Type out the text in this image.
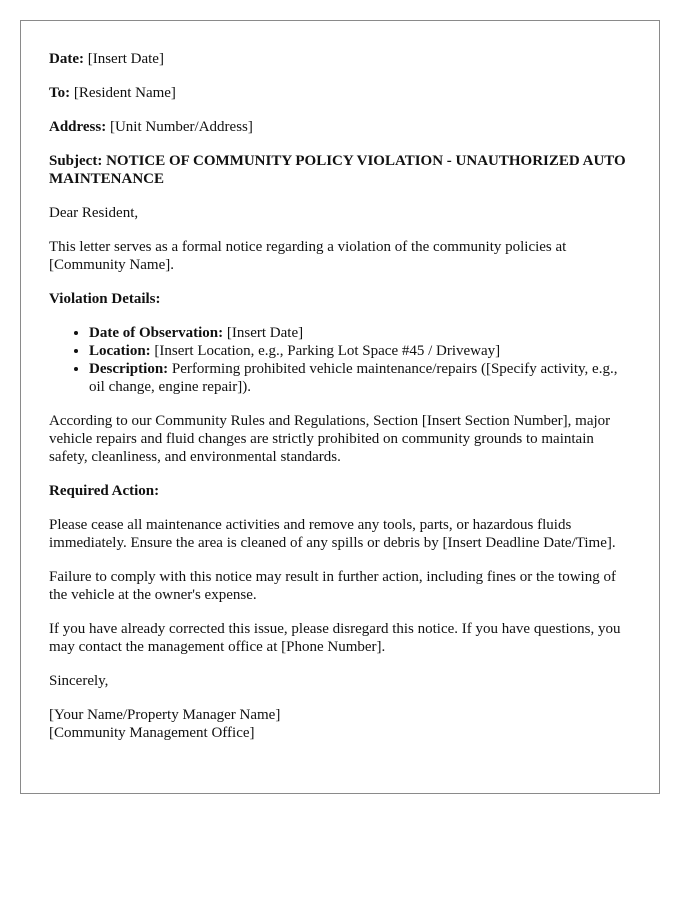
Date: [Insert Date]

To: [Resident Name]

Address: [Unit Number/Address]

Subject: NOTICE OF COMMUNITY POLICY VIOLATION - UNAUTHORIZED AUTO MAINTENANCE

Dear Resident,

This letter serves as a formal notice regarding a violation of the community policies at [Community Name].

Violation Details:

• Date of Observation: [Insert Date]
• Location: [Insert Location, e.g., Parking Lot Space #45 / Driveway]
• Description: Performing prohibited vehicle maintenance/repairs ([Specify activity, e.g., oil change, engine repair]).

According to our Community Rules and Regulations, Section [Insert Section Number], major vehicle repairs and fluid changes are strictly prohibited on community grounds to maintain safety, cleanliness, and environmental standards.

Required Action:

Please cease all maintenance activities and remove any tools, parts, or hazardous fluids immediately. Ensure the area is cleaned of any spills or debris by [Insert Deadline Date/Time].

Failure to comply with this notice may result in further action, including fines or the towing of the vehicle at the owner's expense.

If you have already corrected this issue, please disregard this notice. If you have questions, you may contact the management office at [Phone Number].

Sincerely,

[Your Name/Property Manager Name]

[Community Management Office]
